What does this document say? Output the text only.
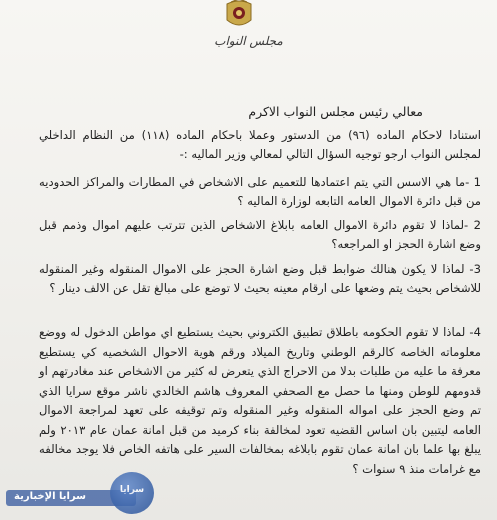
مجلس النواب
معالي رئيس مجلس النواب الاكرم

استنادا لاحكام الماده (٩٦) من الدستور وعملا باحكام الماده (١١٨) من النظام الداخلي لمجلس النواب ارجو توجيه السؤال التالي لمعالي وزير الماليه :-

1 -ما هي الاسس التي يتم اعتمادها للتعميم على الاشخاص في المطارات والمراكز الحدوديه من قبل دائرة الاموال العامه التابعه لوزارة الماليه ؟

2 -لماذا لا تقوم دائرة الاموال العامه بابلاغ الاشخاص الذين تترتب عليهم اموال وذمم قبل وضع اشارة الحجز او المراجعه؟

3- لماذا لا يكون هنالك ضوابط قبل وضع اشارة الحجز على الاموال المنقوله وغير المنقوله للاشخاص بحيث يتم وضعها على ارقام معينه بحيث لا توضع على مبالغ تقل عن الالف دينار ؟

4- لماذا لا تقوم الحكومه باطلاق تطبيق الكتروني بحيث يستطيع اي مواطن الدخول له ووضع معلوماته الخاصه كالرقم الوطني وتاريخ الميلاد ورقم هوية الاحوال الشخصيه كي يستطيع معرفة ما عليه من طلبات بدلا من الاحراج الذي يتعرض له كثير من الاشخاص عند مغادرتهم او قدومهم للوطن ومنها ما حصل مع الصحفي المعروف هاشم الخالدي ناشر موقع سرايا الذي تم وضع الحجز على امواله المنقوله وغير المنقوله وتم توقيفه على تعهد لمراجعة الاموال العامه ليتبين بان اساس القضيه تعود لمخالفة بناء كرميد من قبل امانة عمان عام ٢٠١٣ ولم يبلغ بها علما بان امانة عمان تقوم بابلاغه بمخالفات السير على هاتفه الخاص فلا يوجد مخالفه مع غرامات منذ ٩ سنوات ؟

سرايا الإخبارية
سرايا
